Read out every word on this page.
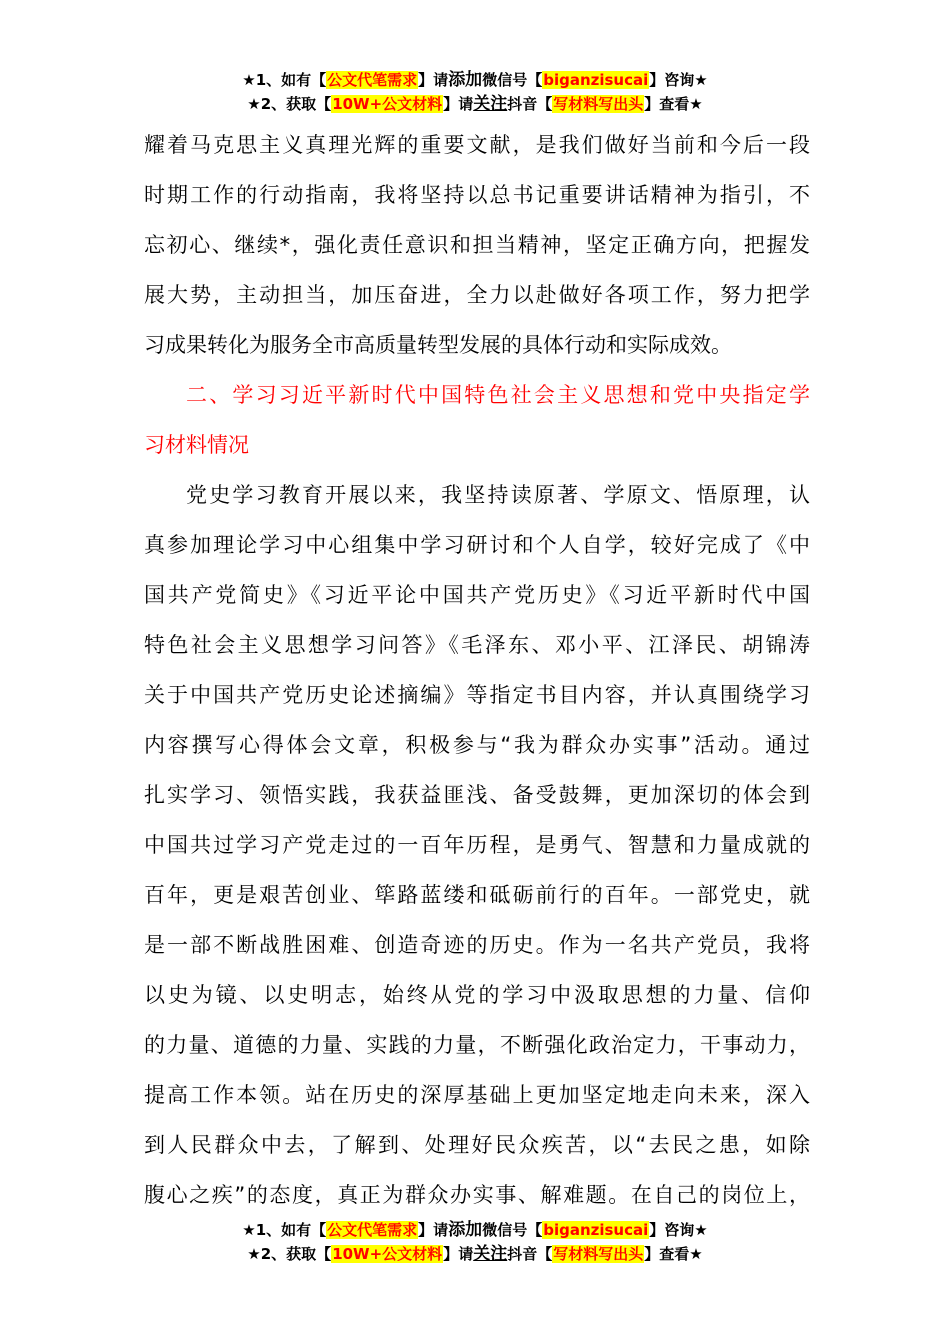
★1、如有【公文代笔需求】请添加微信号【biganzisucai】咨询★
★2、获取【10W+公文材料】请关注抖音【写材料写出头】查看★
耀着马克思主义真理光辉的重要文献，是我们做好当前和今后一段
时期工作的行动指南，我将坚持以总书记重要讲话精神为指引，不
忘初心、继续*，强化责任意识和担当精神，坚定正确方向，把握发
展大势，主动担当，加压奋进，全力以赴做好各项工作，努力把学
习成果转化为服务全市高质量转型发展的具体行动和实际成效。
二、学习习近平新时代中国特色社会主义思想和党中央指定学
习材料情况
党史学习教育开展以来，我坚持读原著、学原文、悟原理，认
真参加理论学习中心组集中学习研讨和个人自学，较好完成了《中
国共产党简史》《习近平论中国共产党历史》《习近平新时代中国
特色社会主义思想学习问答》《毛泽东、邓小平、江泽民、胡锦涛
关于中国共产党历史论述摘编》等指定书目内容，并认真围绕学习
内容撰写心得体会文章，积极参与“我为群众办实事”活动。通过
扎实学习、领悟实践，我获益匪浅、备受鼓舞，更加深切的体会到
中国共过学习产党走过的一百年历程，是勇气、智慧和力量成就的
百年，更是艰苦创业、筚路蓝缕和砥砺前行的百年。一部党史，就
是一部不断战胜困难、创造奇迹的历史。作为一名共产党员，我将
以史为镜、以史明志，始终从党的学习中汲取思想的力量、信仰
的力量、道德的力量、实践的力量，不断强化政治定力，干事动力，
提高工作本领。站在历史的深厚基础上更加坚定地走向未来，深入
到人民群众中去，了解到、处理好民众疾苦，以“去民之患，如除
腹心之疾”的态度，真正为群众办实事、解难题。在自己的岗位上，
★1、如有【公文代笔需求】请添加微信号【biganzisucai】咨询★
★2、获取【10W+公文材料】请关注抖音【写材料写出头】查看★
